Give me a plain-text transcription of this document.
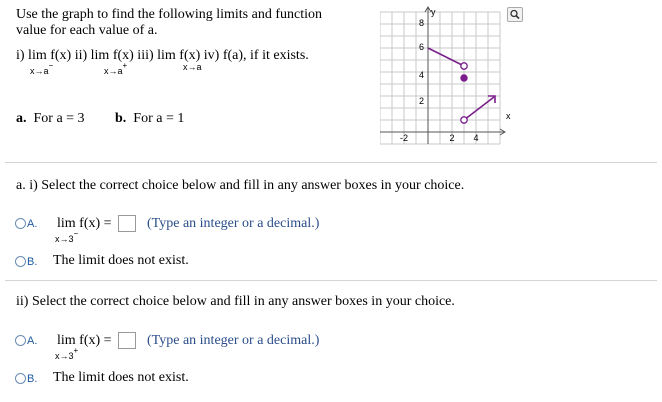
Use the graph to find the following limits and function
value for each value of a.
i) lim f(x) ii) lim f(x) iii) lim f(x) iv) f(a), if it exists.
x→a−
x→a+	x→a
a. For a = 3 b. For a = 1
y
x
8
6
4
2
-2	2 4
a. i) Select the correct choice below and fill in any answer boxes in your choice.
A. lim f(x) =
x→3−
(Type an integer or a decimal.)
B. The limit does not exist.
ii) Select the correct choice below and fill in any answer boxes in your choice.
A. lim f(x) =
x→3+
(Type an integer or a decimal.)
B. The limit does not exist.
